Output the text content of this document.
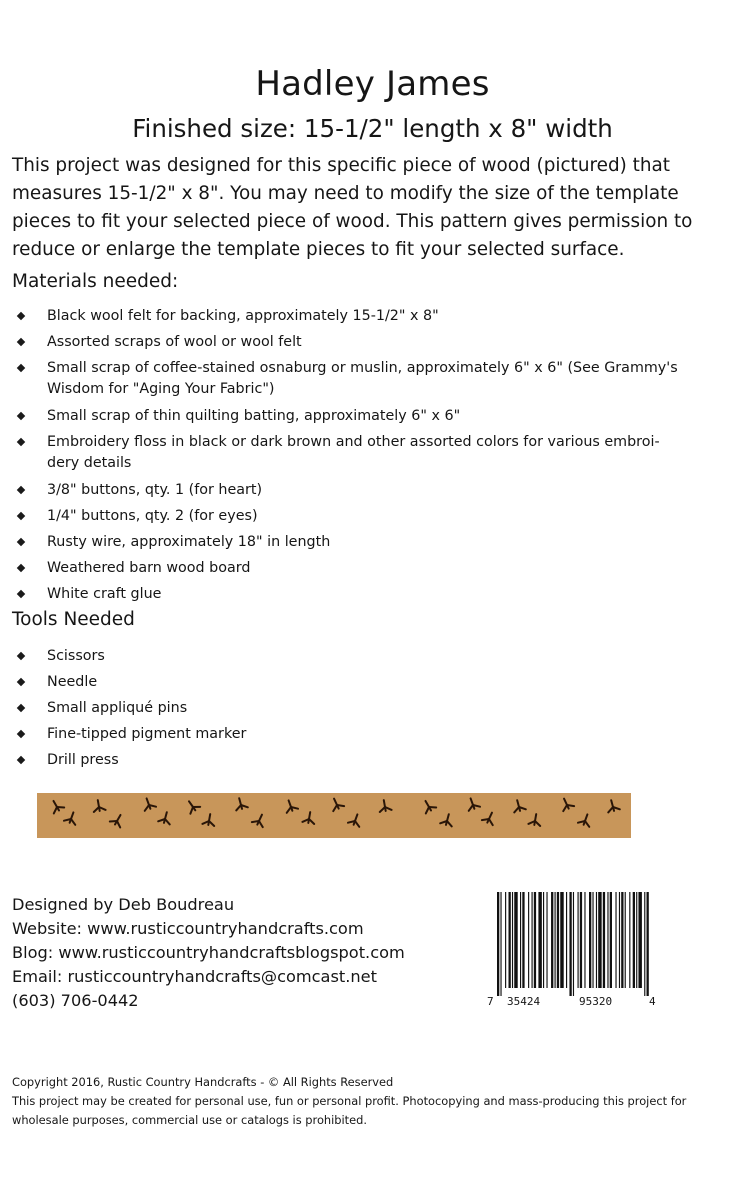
Hadley James
Finished size: 15-1/2" length x 8" width
This project was designed for this specific piece of wood (pictured) that measures 15-1/2" x 8". You may need to modify the size of the template pieces to fit your selected piece of wood. This pattern gives permission to reduce or enlarge the template pieces to fit your selected surface.
Materials needed:
Black wool felt for backing, approximately 15-1/2" x 8"
Assorted scraps of wool or wool felt
Small scrap of coffee-stained osnaburg or muslin, approximately 6" x 6" (See Grammy's Wisdom for "Aging Your Fabric")
Small scrap of thin quilting batting, approximately 6" x 6"
Embroidery floss in black or dark brown and other assorted colors for various embroi-dery details
3/8" buttons, qty. 1 (for heart)
1/4" buttons, qty. 2 (for eyes)
Rusty wire, approximately 18" in length
Weathered barn wood board
White craft glue
Tools Needed
Scissors
Needle
Small appliqué pins
Fine-tipped pigment marker
Drill press
Designed by Deb Boudreau
Website: www.rusticcountryhandcrafts.com
Blog: www.rusticcountryhandcraftsblogspot.com
Email: rusticcountryhandcrafts@comcast.net
(603) 706-0442	7 35424	95320	4
Copyright 2016, Rustic Country Handcrafts - © All Rights Reserved
This project may be created for personal use, fun or personal profit. Photocopying and mass-producing this project for wholesale purposes, commercial use or catalogs is prohibited.
